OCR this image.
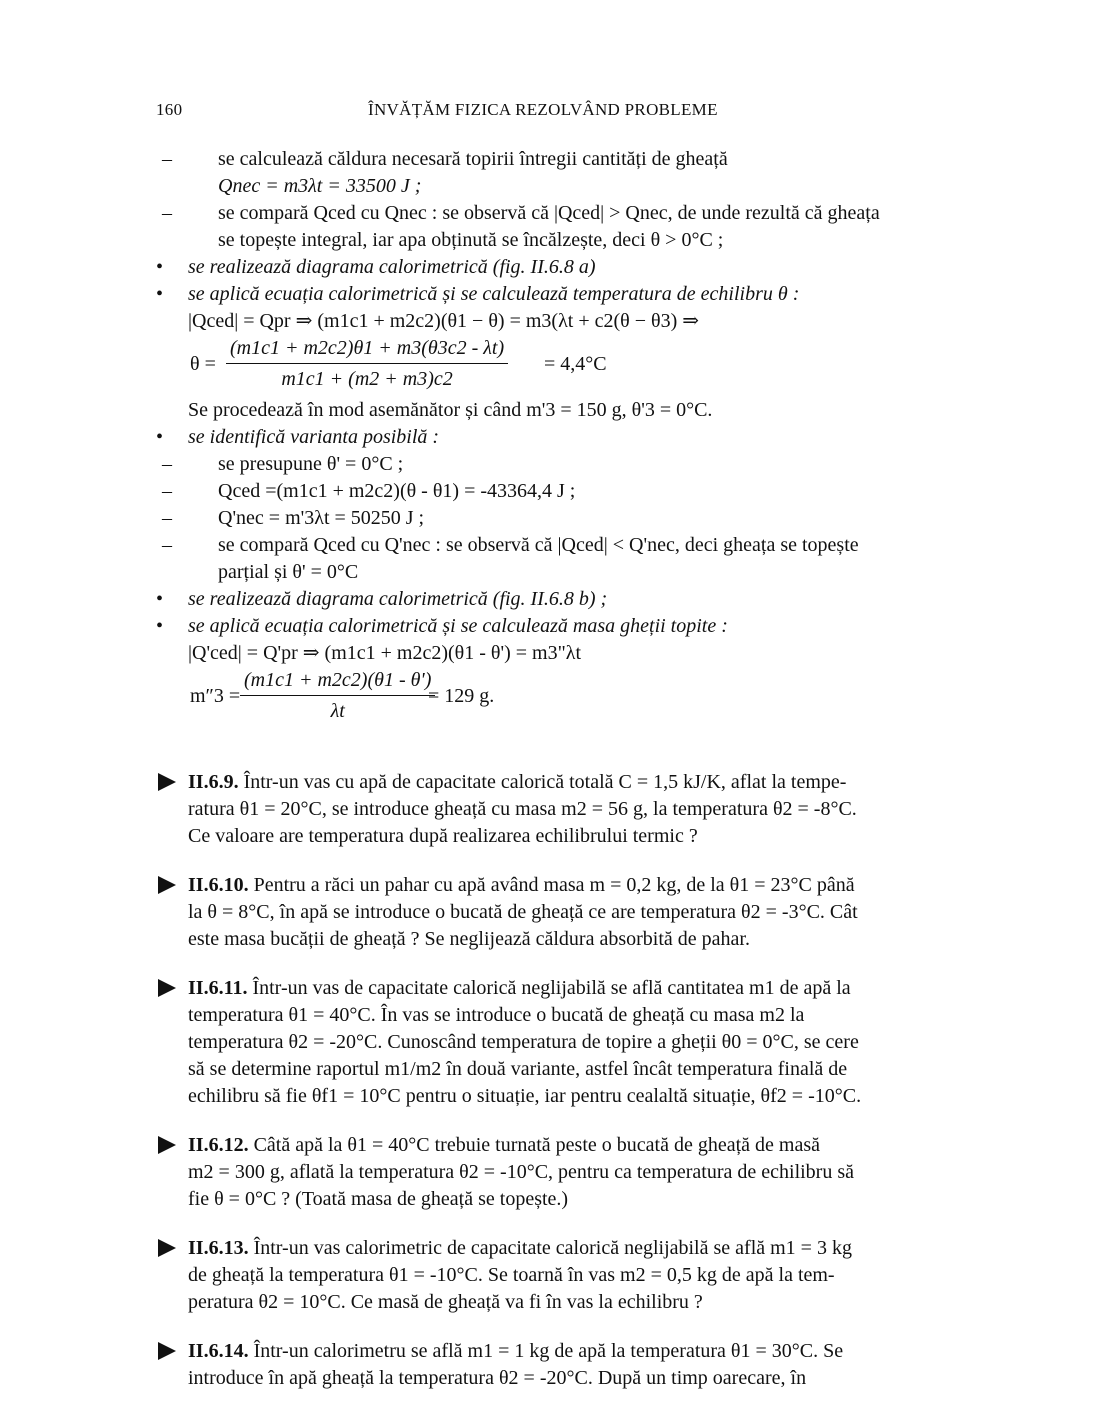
160	ÎNVĂȚĂM FIZICA REZOLVÂND PROBLEME
–	se calculează căldura necesară topirii întregii cantități de gheață
Qnec = m3λt = 33500 J ;
–	se compară Qced cu Qnec : se observă că |Qced| > Qnec, de unde rezultă că gheața
se topește integral, iar apa obținută se încălzește, deci θ > 0°C ;
•	se realizează diagrama calorimetrică (fig. II.6.8 a)
•	se aplică ecuația calorimetrică și se calculează temperatura de echilibru θ :
|Qced| = Qpr ⇒ (m1c1 + m2c2)(θ1 − θ) = m3(λt + c2(θ − θ3) ⇒
$\theta = \frac{(m1c1 + m2c2)\theta 1 + m3(\theta 3c2 - \lambda t)}{m1c1 + (m2 + m3)c2} = 4,4^\circ C$
Se procedează în mod asemănător și când m'3 = 150 g, θ'3 = 0°C.
•	se identifică varianta posibilă :
–	se presupune θ' = 0°C ;
–	Qced =(m1c1 + m2c2)(θ - θ1) = -43364,4 J ;
–	Q'nec = m'3λt = 50250 J ;
–	se compară Qced cu Q'nec : se observă că |Qced| < Q'nec, deci gheața se topește
parțial și θ' = 0°C
•	se realizează diagrama calorimetrică (fig. II.6.8 b) ;
•	se aplică ecuația calorimetrică și se calculează masa gheții topite :
|Q'ced| = Q'pr ⇒ (m1c1 + m2c2)(θ1 - θ') = m3"λt
$m''3 = \frac{(m1c1 + m2c2)(\theta 1 - \theta')}{\lambda t}$
= 129 g.
II.6.9. Într-un vas cu apă de capacitate calorică totală C = 1,5 kJ/K, aflat la tempe-
ratura θ1 = 20°C, se introduce gheață cu masa m2 = 56 g, la temperatura θ2 = -8°C.
Ce valoare are temperatura după realizarea echilibrului termic ?
II.6.10. Pentru a răci un pahar cu apă având masa m = 0,2 kg, de la θ1 = 23°C până
la θ = 8°C, în apă se introduce o bucată de gheață ce are temperatura θ2 = -3°C. Cât
este masa bucății de gheață ? Se neglijează căldura absorbită de pahar.
II.6.11. Într-un vas de capacitate calorică neglijabilă se află cantitatea m1 de apă la
temperatura θ1 = 40°C. În vas se introduce o bucată de gheață cu masa m2 la
temperatura θ2 = -20°C. Cunoscând temperatura de topire a gheții θ0 = 0°C, se cere
să se determine raportul m1/m2 în două variante, astfel încât temperatura finală de
echilibru să fie θf1 = 10°C pentru o situație, iar pentru cealaltă situație, θf2 = -10°C.
II.6.12. Câtă apă la θ1 = 40°C trebuie turnată peste o bucată de gheață de masă
m2 = 300 g, aflată la temperatura θ2 = -10°C, pentru ca temperatura de echilibru să
fie θ = 0°C ? (Toată masa de gheață se topește.)
II.6.13. Într-un vas calorimetric de capacitate calorică neglijabilă se află m1 = 3 kg
de gheață la temperatura θ1 = -10°C. Se toarnă în vas m2 = 0,5 kg de apă la tem-
peratura θ2 = 10°C. Ce masă de gheață va fi în vas la echilibru ?
II.6.14. Într-un calorimetru se află m1 = 1 kg de apă la temperatura θ1 = 30°C. Se
introduce în apă gheață la temperatura θ2 = -20°C. După un timp oarecare, în
